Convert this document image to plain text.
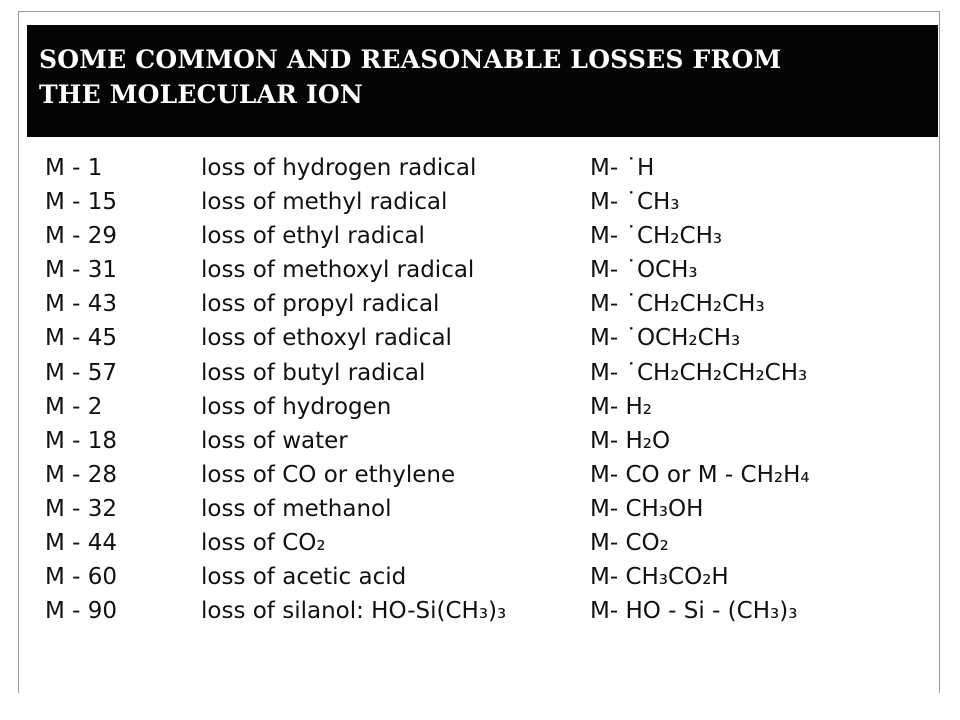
SOME COMMON AND REASONABLE LOSSES FROM
THE MOLECULAR ION
M - 1	loss of hydrogen radical	M- ˙H
M - 15	loss of methyl radical	M- ˙CH₃
M - 29	loss of ethyl radical	M- ˙CH₂CH₃
M - 31	loss of methoxyl radical	M- ˙OCH₃
M - 43	loss of propyl radical	M- ˙CH₂CH₂CH₃
M - 45	loss of ethoxyl radical	M- ˙OCH₂CH₃
M - 57	loss of butyl radical	M- ˙CH₂CH₂CH₂CH₃
M - 2	loss of hydrogen	M- H₂
M - 18	loss of water	M- H₂O
M - 28	loss of CO or ethylene	M- CO or M - CH₂H₄
M - 32	loss of methanol	M- CH₃OH
M - 44	loss of CO₂	M- CO₂
M - 60	loss of acetic acid	M- CH₃CO₂H
M - 90	loss of silanol: HO-Si(CH₃)₃	M- HO - Si - (CH₃)₃
